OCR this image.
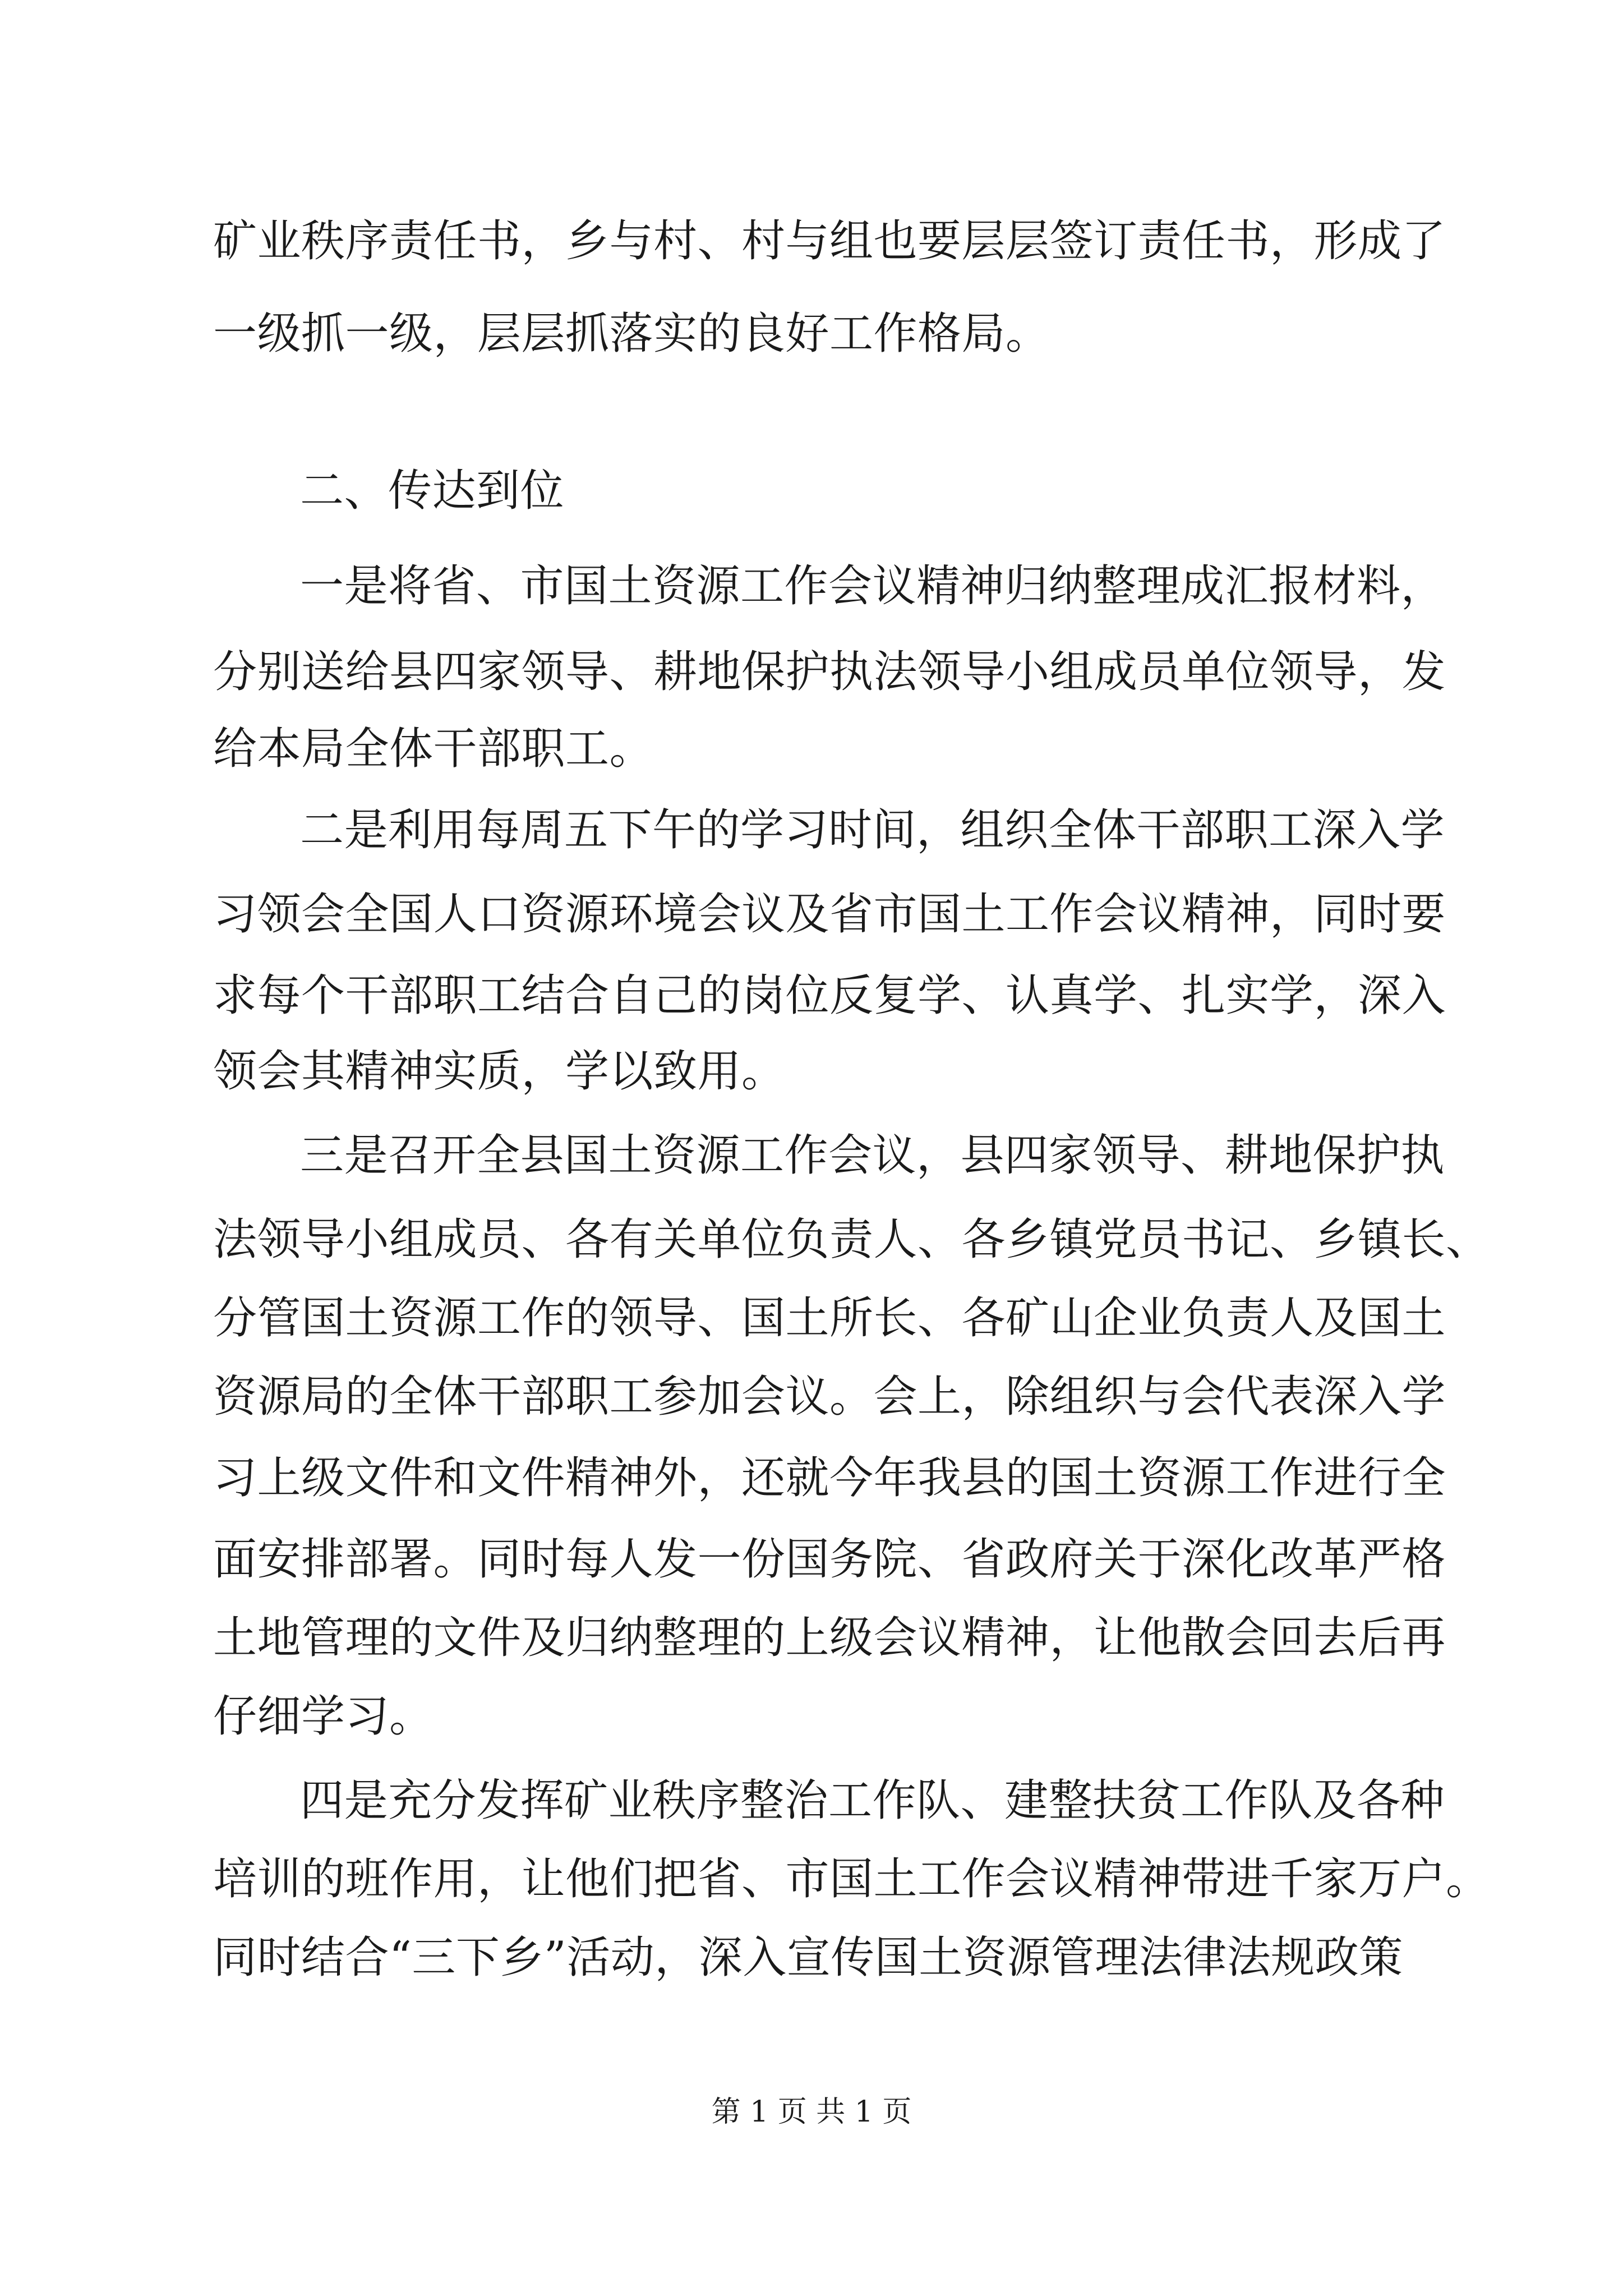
矿业秩序责任书，乡与村、村与组也要层层签订责任书，形成了
一级抓一级，层层抓落实的良好工作格局。
二、传达到位
一是将省、市国土资源工作会议精神归纳整理成汇报材料，
分别送给县四家领导、耕地保护执法领导小组成员单位领导，发
给本局全体干部职工。
二是利用每周五下午的学习时间，组织全体干部职工深入学
习领会全国人口资源环境会议及省市国土工作会议精神，同时要
求每个干部职工结合自己的岗位反复学、认真学、扎实学，深入
领会其精神实质，学以致用。
三是召开全县国土资源工作会议，县四家领导、耕地保护执
法领导小组成员、各有关单位负责人、各乡镇党员书记、乡镇长、
分管国土资源工作的领导、国土所长、各矿山企业负责人及国土
资源局的全体干部职工参加会议。会上，除组织与会代表深入学
习上级文件和文件精神外，还就今年我县的国土资源工作进行全
面安排部署。同时每人发一份国务院、省政府关于深化改革严格
土地管理的文件及归纳整理的上级会议精神，让他散会回去后再
仔细学习。
四是充分发挥矿业秩序整治工作队、建整扶贫工作队及各种
培训的班作用，让他们把省、市国土工作会议精神带进千家万户。
同时结合“三下乡”活动，深入宣传国土资源管理法律法规政策
第 1 页 共 1 页
